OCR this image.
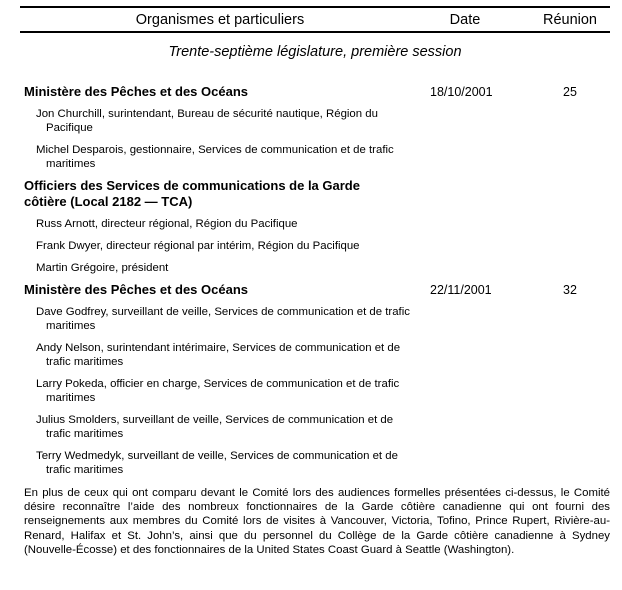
Organismes et particuliers	Date	Réunion
Trente-septième législature, première session
Ministère des Pêches et des Océans	18/10/2001	25
Jon Churchill, surintendant, Bureau de sécurité nautique, Région du Pacifique
Michel Desparois, gestionnaire, Services de communication et de trafic maritimes
Officiers des Services de communications de la Garde côtière (Local 2182 — TCA)
Russ Arnott, directeur régional, Région du Pacifique
Frank Dwyer, directeur régional par intérim, Région du Pacifique
Martin Grégoire, président
Ministère des Pêches et des Océans	22/11/2001	32
Dave Godfrey, surveillant de veille, Services de communication et de trafic maritimes
Andy Nelson, surintendant intérimaire, Services de communication et de trafic maritimes
Larry Pokeda, officier en charge, Services de communication et de trafic maritimes
Julius Smolders, surveillant de veille, Services de communication et de trafic maritimes
Terry Wedmedyk, surveillant de veille, Services de communication et de trafic maritimes
En plus de ceux qui ont comparu devant le Comité lors des audiences formelles présentées ci-dessus, le Comité désire reconnaître l’aide des nombreux fonctionnaires de la Garde côtière canadienne qui ont fourni des renseignements aux membres du Comité lors de visites à Vancouver, Victoria, Tofino, Prince Rupert, Rivière-au-Renard, Halifax et St. John’s, ainsi que du personnel du Collège de la Garde côtière canadienne à Sydney (Nouvelle-Écosse) et des fonctionnaires de la United States Coast Guard à Seattle (Washington).
